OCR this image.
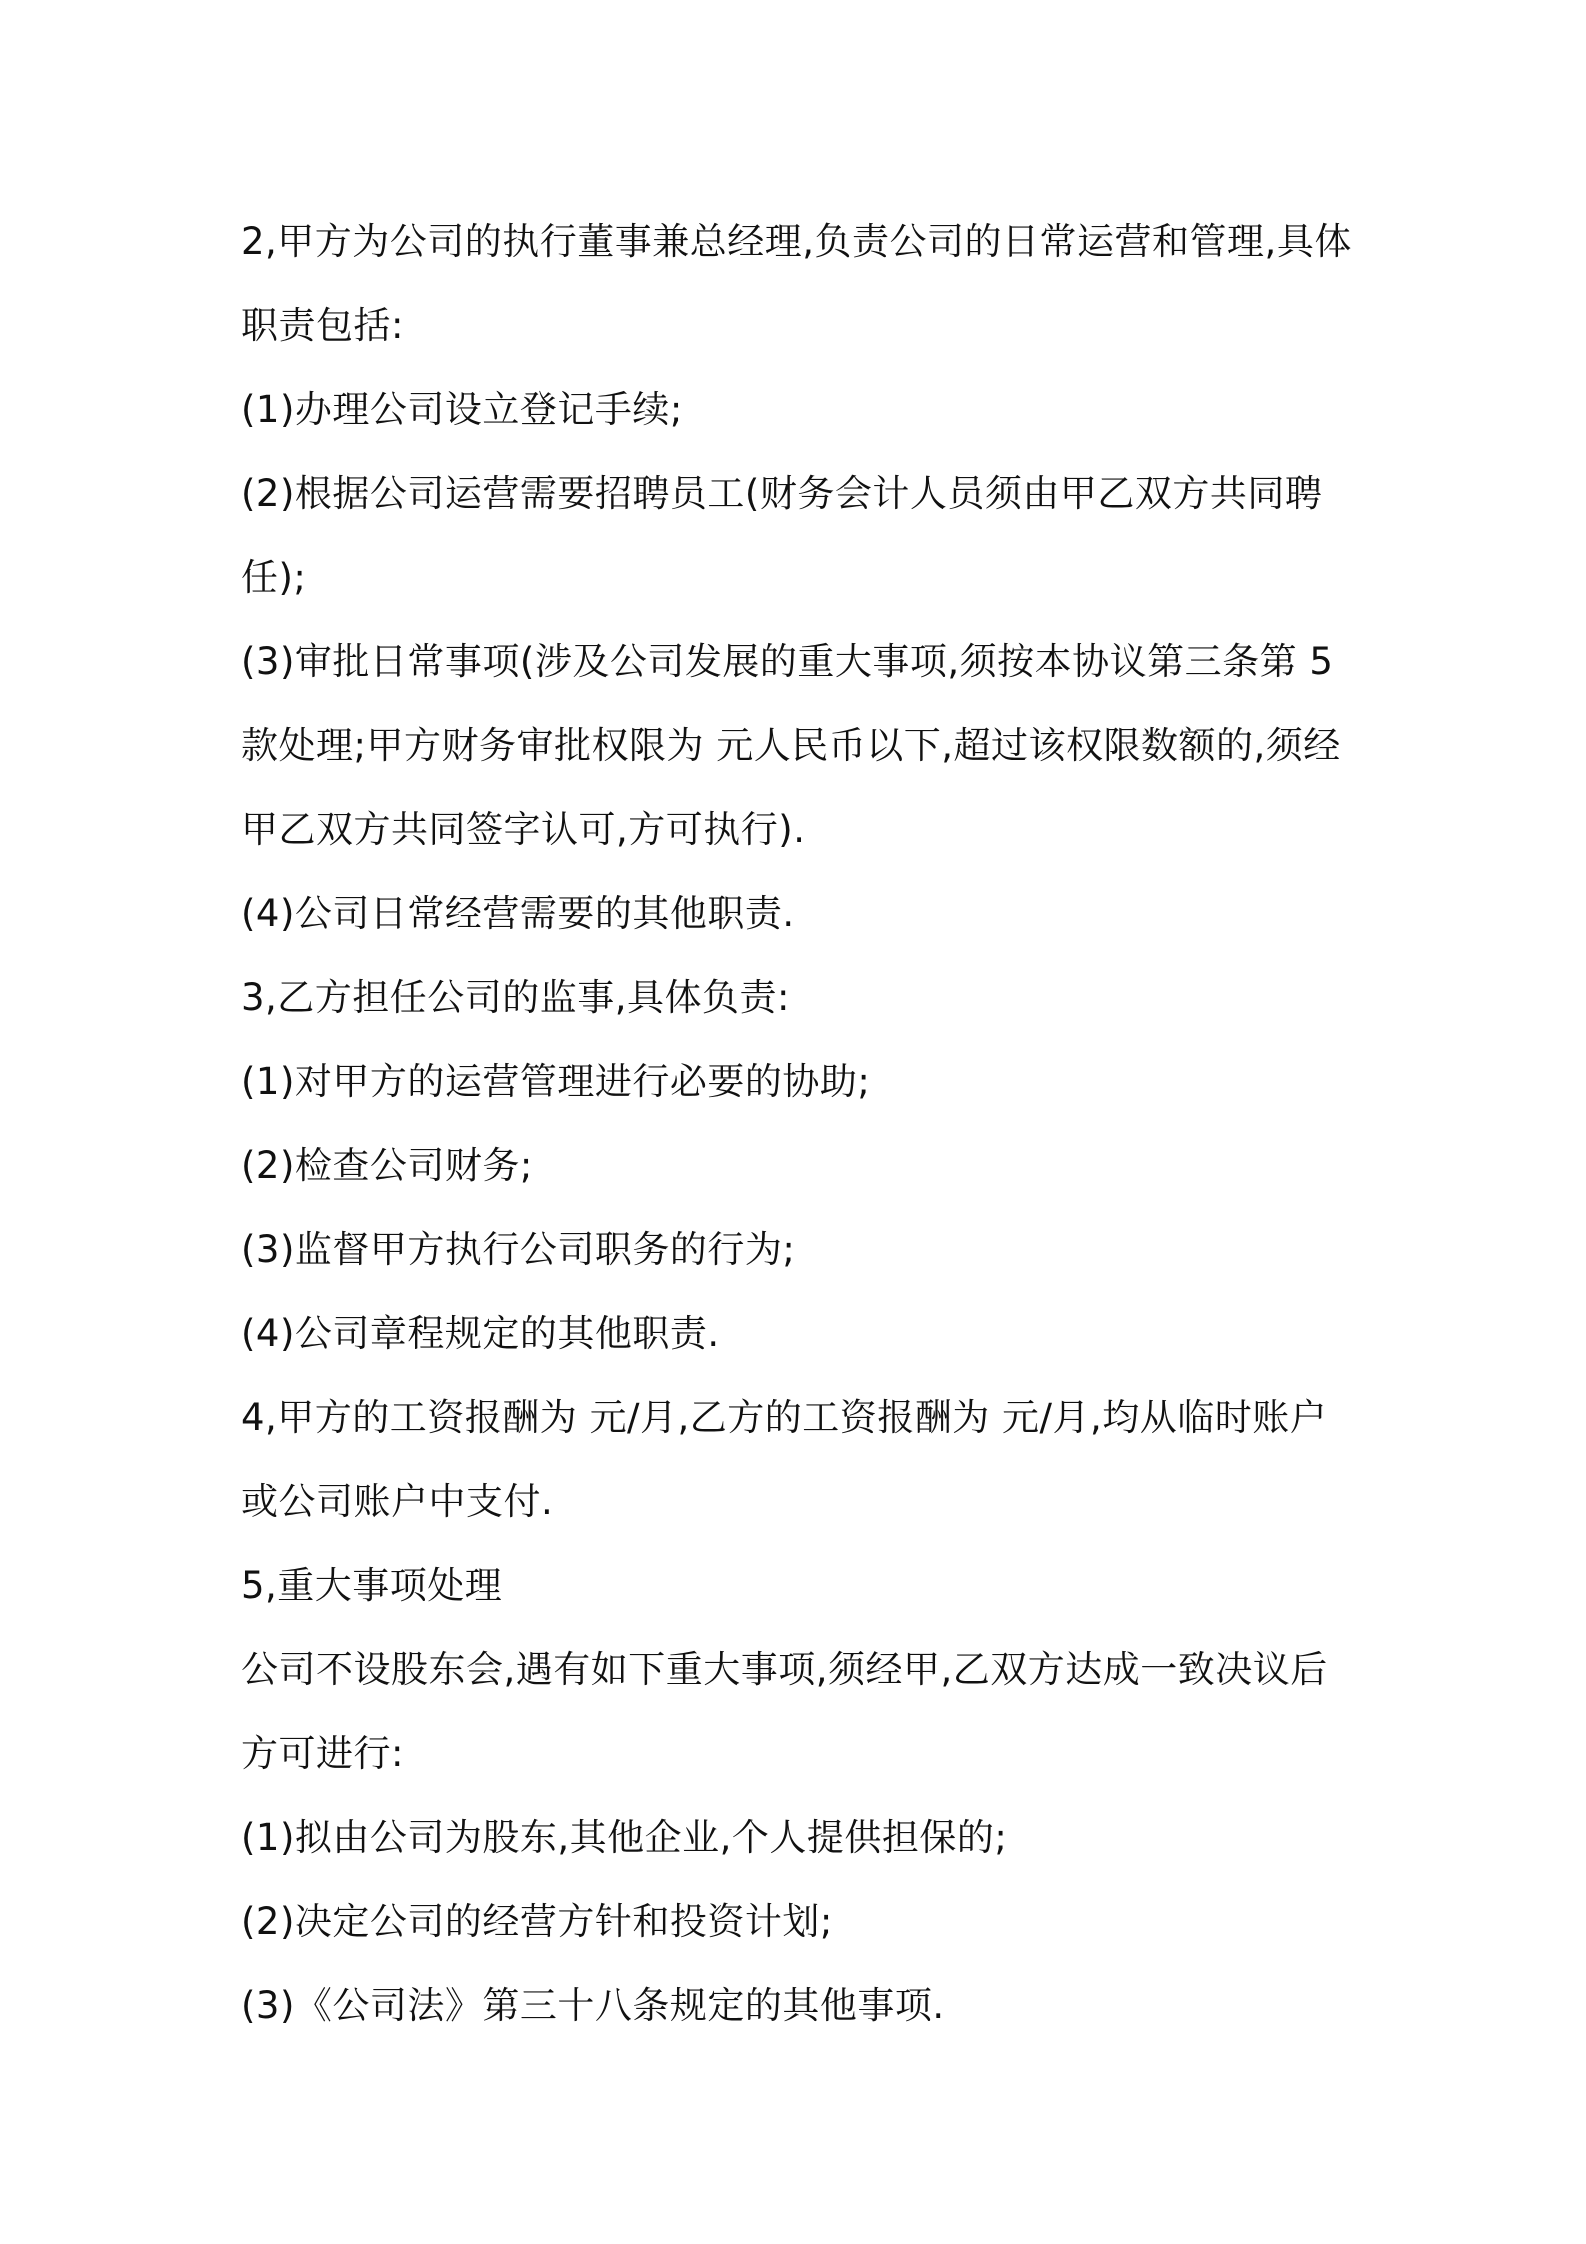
2,甲方为公司的执行董事兼总经理,负责公司的日常运营和管理,具体
职责包括:
(1)办理公司设立登记手续;
(2)根据公司运营需要招聘员工(财务会计人员须由甲乙双方共同聘
任);
(3)审批日常事项(涉及公司发展的重大事项,须按本协议第三条第 5
款处理;甲方财务审批权限为 元人民币以下,超过该权限数额的,须经
甲乙双方共同签字认可,方可执行).
(4)公司日常经营需要的其他职责.
3,乙方担任公司的监事,具体负责:
(1)对甲方的运营管理进行必要的协助;
(2)检查公司财务;
(3)监督甲方执行公司职务的行为;
(4)公司章程规定的其他职责.
4,甲方的工资报酬为 元/月,乙方的工资报酬为 元/月,均从临时账户
或公司账户中支付.
5,重大事项处理
公司不设股东会,遇有如下重大事项,须经甲,乙双方达成一致决议后
方可进行:
(1)拟由公司为股东,其他企业,个人提供担保的;
(2)决定公司的经营方针和投资计划;
(3)《公司法》第三十八条规定的其他事项.
